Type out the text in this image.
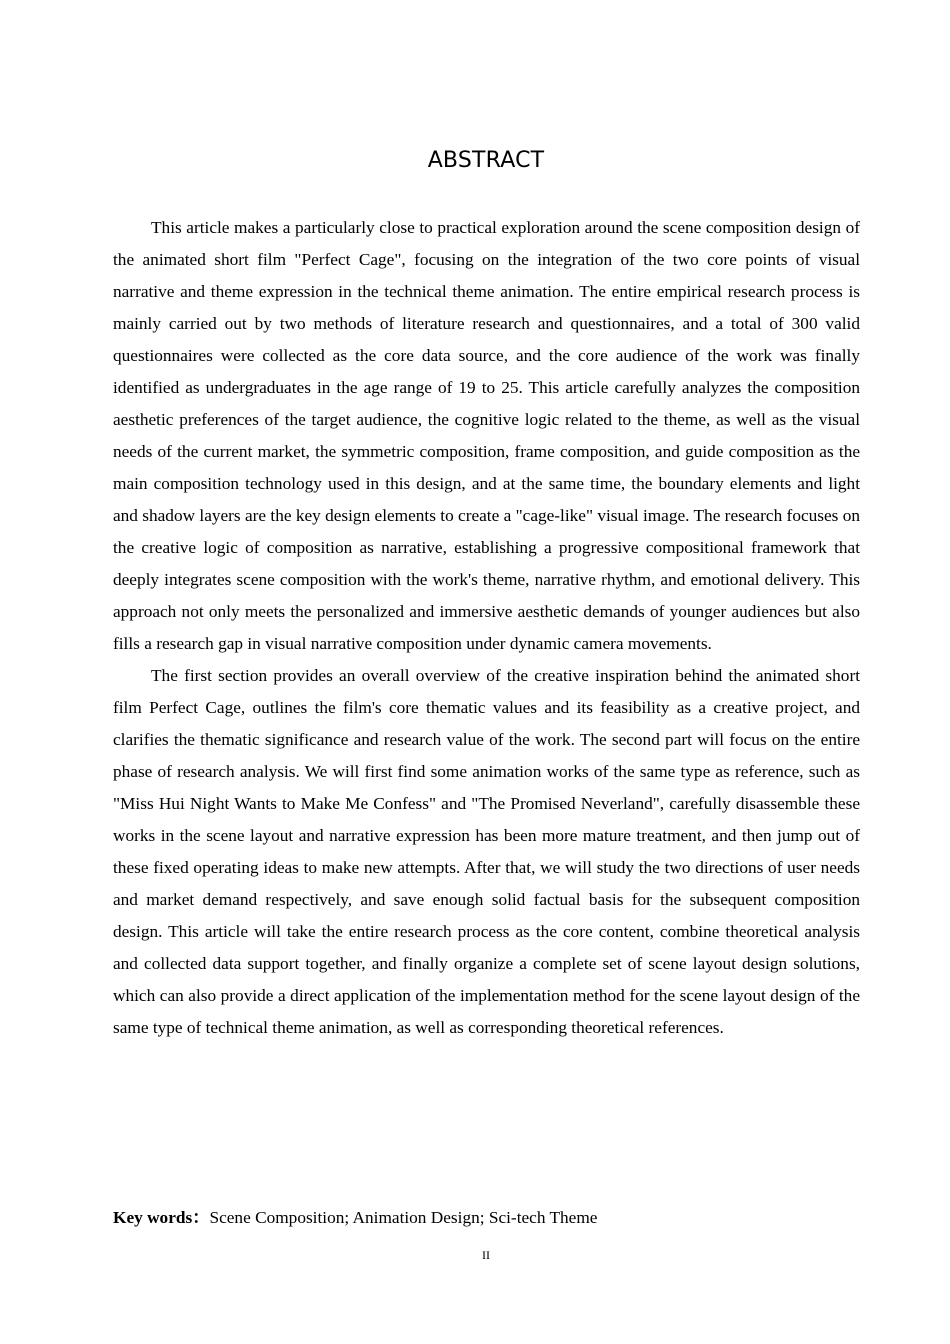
ABSTRACT

This article makes a particularly close to practical exploration around the scene composition design of the animated short film "Perfect Cage", focusing on the integration of the two core points of visual narrative and theme expression in the technical theme animation. The entire empirical research process is mainly carried out by two methods of literature research and questionnaires, and a total of 300 valid questionnaires were collected as the core data source, and the core audience of the work was finally identified as undergraduates in the age range of 19 to 25. This article carefully analyzes the composition aesthetic preferences of the target audience, the cognitive logic related to the theme, as well as the visual needs of the current market, the symmetric composition, frame composition, and guide composition as the main composition technology used in this design, and at the same time, the boundary elements and light and shadow layers are the key design elements to create a "cage-like" visual image. The research focuses on the creative logic of composition as narrative, establishing a progressive compositional framework that deeply integrates scene composition with the work's theme, narrative rhythm, and emotional delivery. This approach not only meets the personalized and immersive aesthetic demands of younger audiences but also fills a research gap in visual narrative composition under dynamic camera movements.

The first section provides an overall overview of the creative inspiration behind the animated short film Perfect Cage, outlines the film's core thematic values and its feasibility as a creative project, and clarifies the thematic significance and research value of the work. The second part will focus on the entire phase of research analysis. We will first find some animation works of the same type as reference, such as "Miss Hui Night Wants to Make Me Confess" and "The Promised Neverland", carefully disassemble these works in the scene layout and narrative expression has been more mature treatment, and then jump out of these fixed operating ideas to make new attempts. After that, we will study the two directions of user needs and market demand respectively, and save enough solid factual basis for the subsequent composition design. This article will take the entire research process as the core content, combine theoretical analysis and collected data support together, and finally organize a complete set of scene layout design solutions, which can also provide a direct application of the implementation method for the scene layout design of the same type of technical theme animation, as well as corresponding theoretical references.

Key words：Scene Composition; Animation Design; Sci-tech Theme
II
